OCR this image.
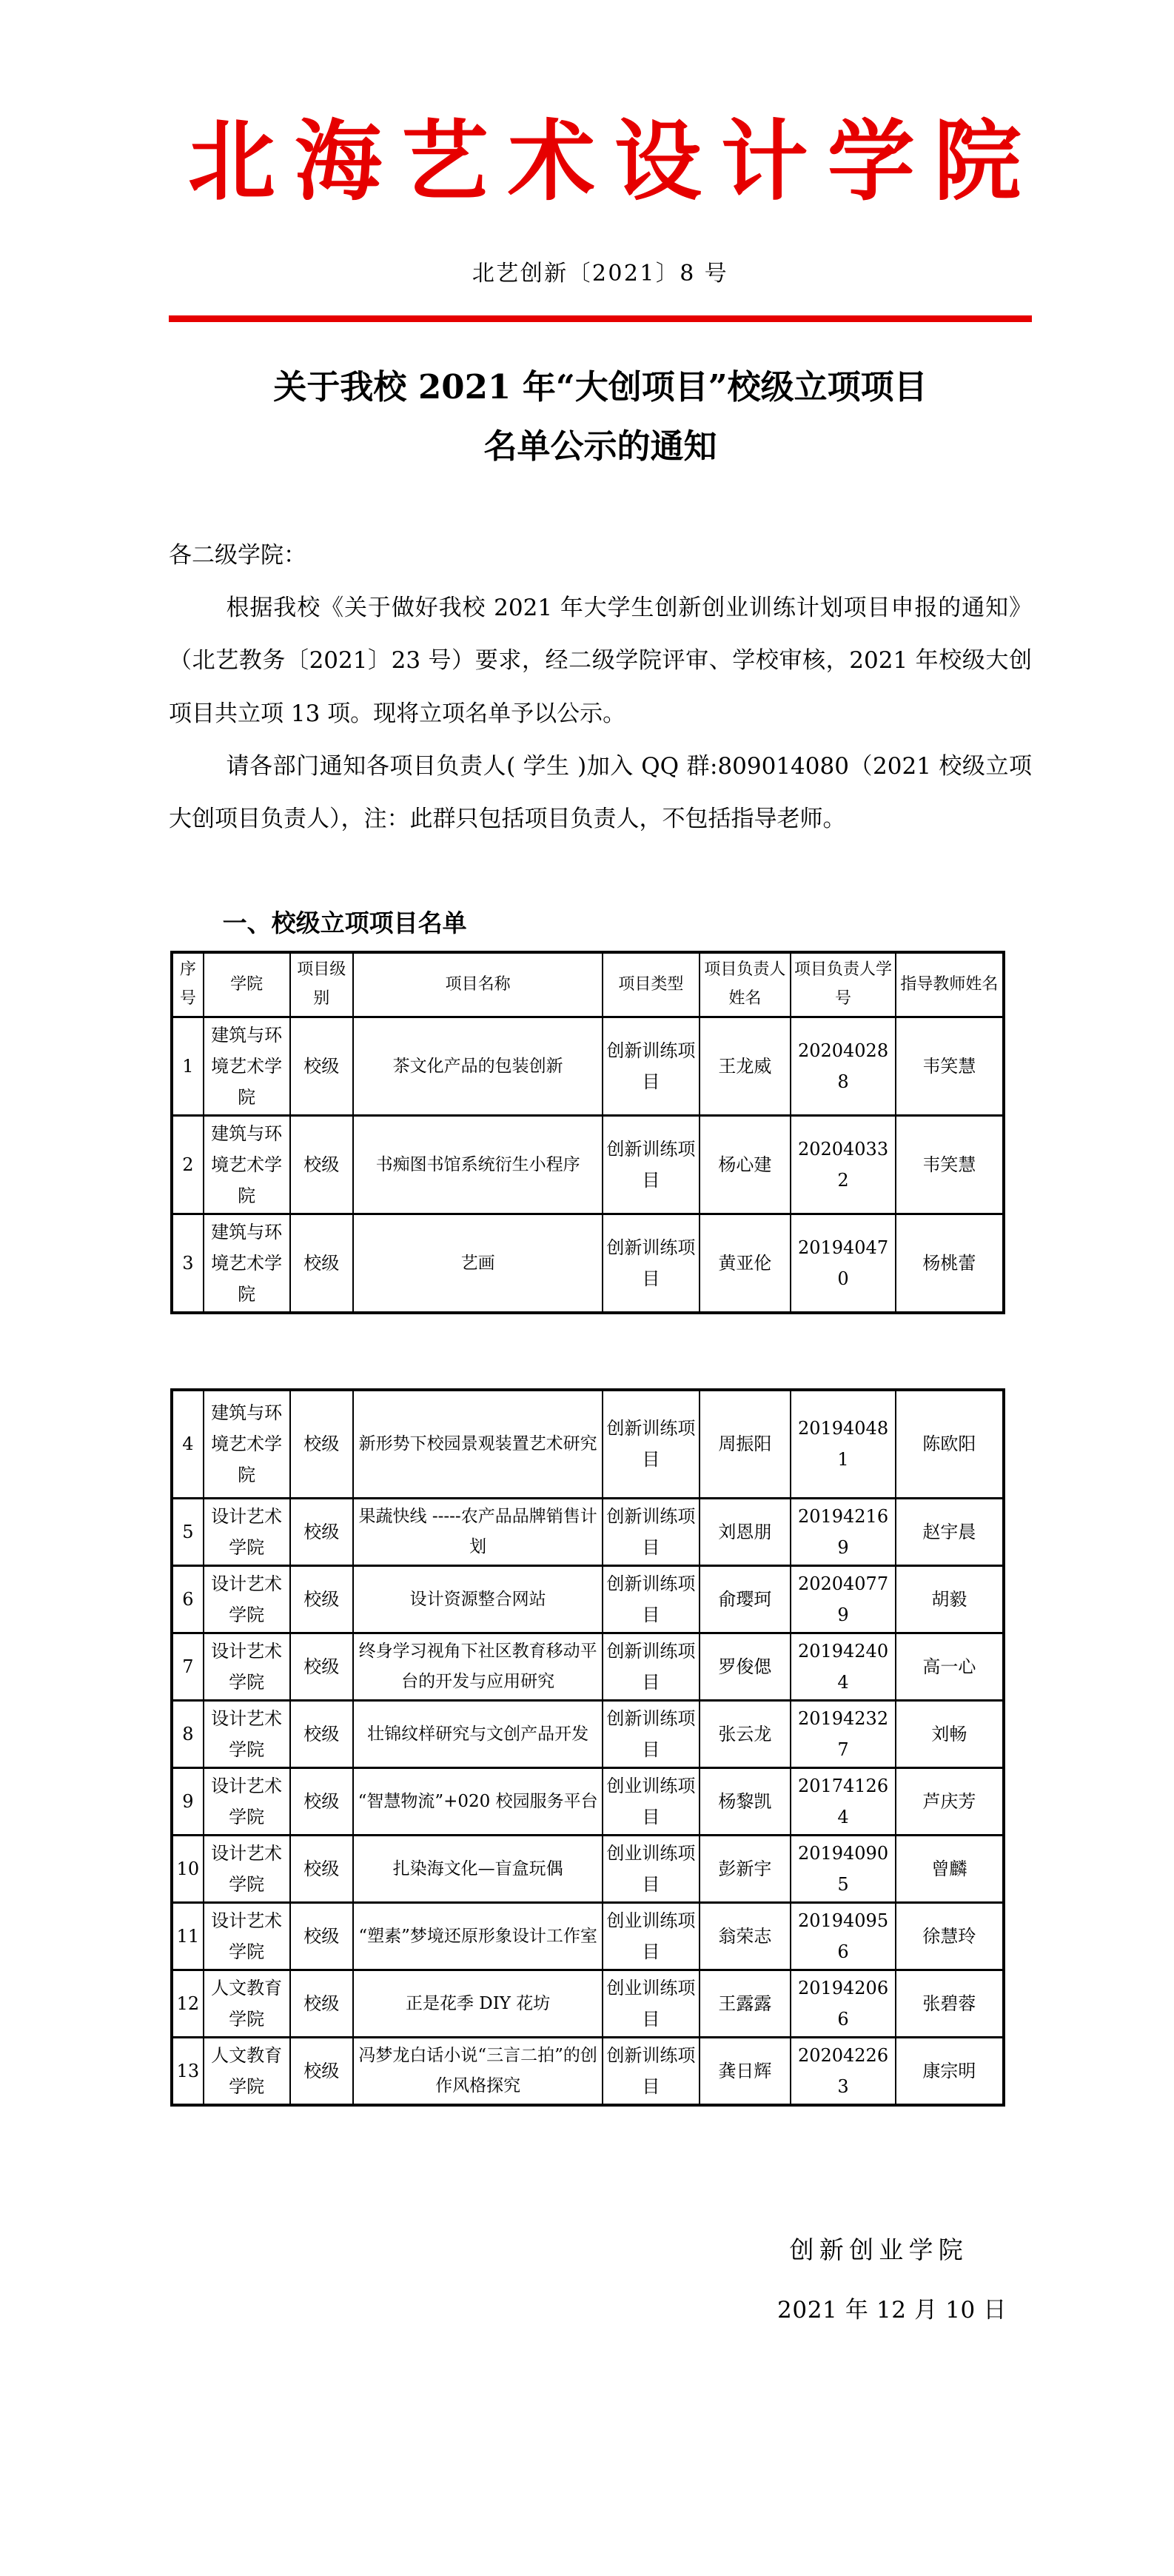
北海艺术设计学院
北艺创新〔2021〕8 号
关于我校 2021 年“大创项目”校级立项项目
名单公示的通知

各二级学院：

根据我校《关于做好我校 2021 年大学生创新创业训练计划项目申报的通知》（北艺教务〔2021〕23 号）要求，经二级学院评审、学校审核，2021 年校级大创项目共立项 13 项。现将立项名单予以公示。

请各部门通知各项目负责人( 学生 )加入 QQ 群:809014080（2021 校级立项大创项目负责人），注：此群只包括项目负责人，不包括指导老师。

一、校级立项项目名单
序号	学院	项目级别	项目名称	项目类型	项目负责人姓名	项目负责人学号	指导教师姓名
1	建筑与环境艺术学院	校级	茶文化产品的包装创新	创新训练项目	王龙威	202040288	韦笑慧
2	建筑与环境艺术学院	校级	书痴图书馆系统衍生小程序	创新训练项目	杨心建	202040332	韦笑慧
3	建筑与环境艺术学院	校级	艺画	创新训练项目	黄亚伦	201940470	杨桃蕾
4	建筑与环境艺术学院	校级	新形势下校园景观装置艺术研究	创新训练项目	周振阳	201940481	陈欧阳
5	设计艺术学院	校级	果蔬快线 -----农产品品牌销售计划	创新训练项目	刘恩朋	201942169	赵宇晨
6	设计艺术学院	校级	设计资源整合网站	创新训练项目	俞璎珂	202040779	胡毅
7	设计艺术学院	校级	终身学习视角下社区教育移动平台的开发与应用研究	创新训练项目	罗俊偲	201942404	高一心
8	设计艺术学院	校级	壮锦纹样研究与文创产品开发	创新训练项目	张云龙	201942327	刘畅
9	设计艺术学院	校级	“智慧物流”+020 校园服务平台	创业训练项目	杨黎凯	201741264	芦庆芳
10	设计艺术学院	校级	扎染海文化—盲盒玩偶	创业训练项目	彭新宇	201940905	曾麟
11	设计艺术学院	校级	“塑素”梦境还原形象设计工作室	创业训练项目	翁荣志	201940956	徐慧玲
12	人文教育学院	校级	正是花季 DIY 花坊	创业训练项目	王露露	201942066	张碧蓉
13	人文教育学院	校级	冯梦龙白话小说“三言二拍”的创作风格探究	创新训练项目	龚日辉	202042263	康宗明
创新创业学院
2021 年 12 月 10 日
